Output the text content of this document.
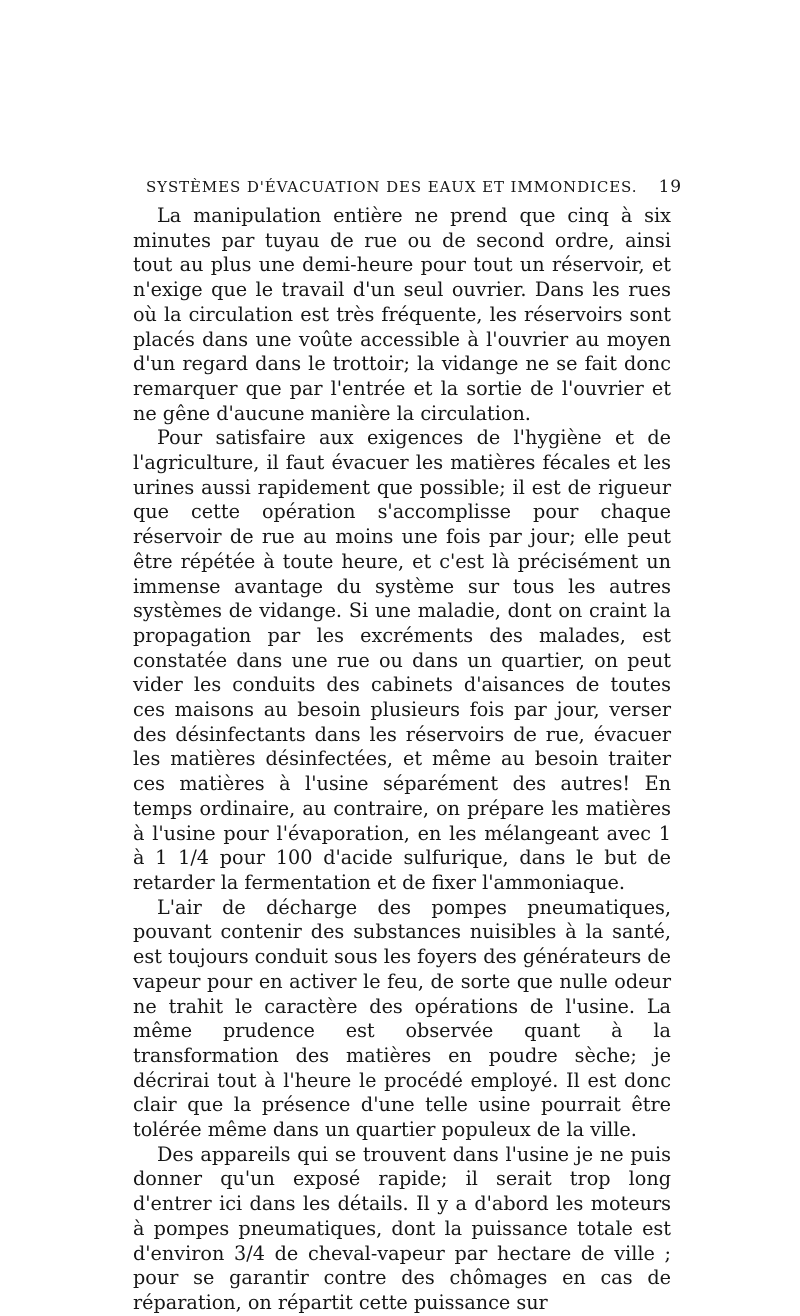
SYSTÈMES D'ÉVACUATION DES EAUX ET IMMONDICES. 19

La manipulation entière ne prend que cinq à six minutes par tuyau de rue ou de second ordre, ainsi tout au plus une demi-heure pour tout un réservoir, et n'exige que le travail d'un seul ouvrier. Dans les rues où la circulation est très fréquente, les réservoirs sont placés dans une voûte accessible à l'ouvrier au moyen d'un regard dans le trottoir; la vidange ne se fait donc remarquer que par l'entrée et la sortie de l'ouvrier et ne gêne d'aucune manière la circulation.

Pour satisfaire aux exigences de l'hygiène et de l'agriculture, il faut évacuer les matières fécales et les urines aussi rapidement que possible; il est de rigueur que cette opération s'accomplisse pour chaque réservoir de rue au moins une fois par jour; elle peut être répétée à toute heure, et c'est là précisément un immense avantage du système sur tous les autres systèmes de vidange. Si une maladie, dont on craint la propagation par les excréments des malades, est constatée dans une rue ou dans un quartier, on peut vider les conduits des cabinets d'aisances de toutes ces maisons au besoin plusieurs fois par jour, verser des désinfectants dans les réservoirs de rue, évacuer les matières désinfectées, et même au besoin traiter ces matières à l'usine séparément des autres! En temps ordinaire, au contraire, on prépare les matières à l'usine pour l'évaporation, en les mélangeant avec 1 à 1 1/4 pour 100 d'acide sulfurique, dans le but de retarder la fermentation et de fixer l'ammoniaque.

L'air de décharge des pompes pneumatiques, pouvant contenir des substances nuisibles à la santé, est toujours conduit sous les foyers des générateurs de vapeur pour en activer le feu, de sorte que nulle odeur ne trahit le caractère des opérations de l'usine. La même prudence est observée quant à la transformation des matières en poudre sèche; je décrirai tout à l'heure le procédé employé. Il est donc clair que la présence d'une telle usine pourrait être tolérée même dans un quartier populeux de la ville.

Des appareils qui se trouvent dans l'usine je ne puis donner qu'un exposé rapide; il serait trop long d'entrer ici dans les détails. Il y a d'abord les moteurs à pompes pneumatiques, dont la puissance totale est d'environ 3/4 de cheval-vapeur par hectare de ville ; pour se garantir contre des chômages en cas de réparation, on répartit cette puissance sur
